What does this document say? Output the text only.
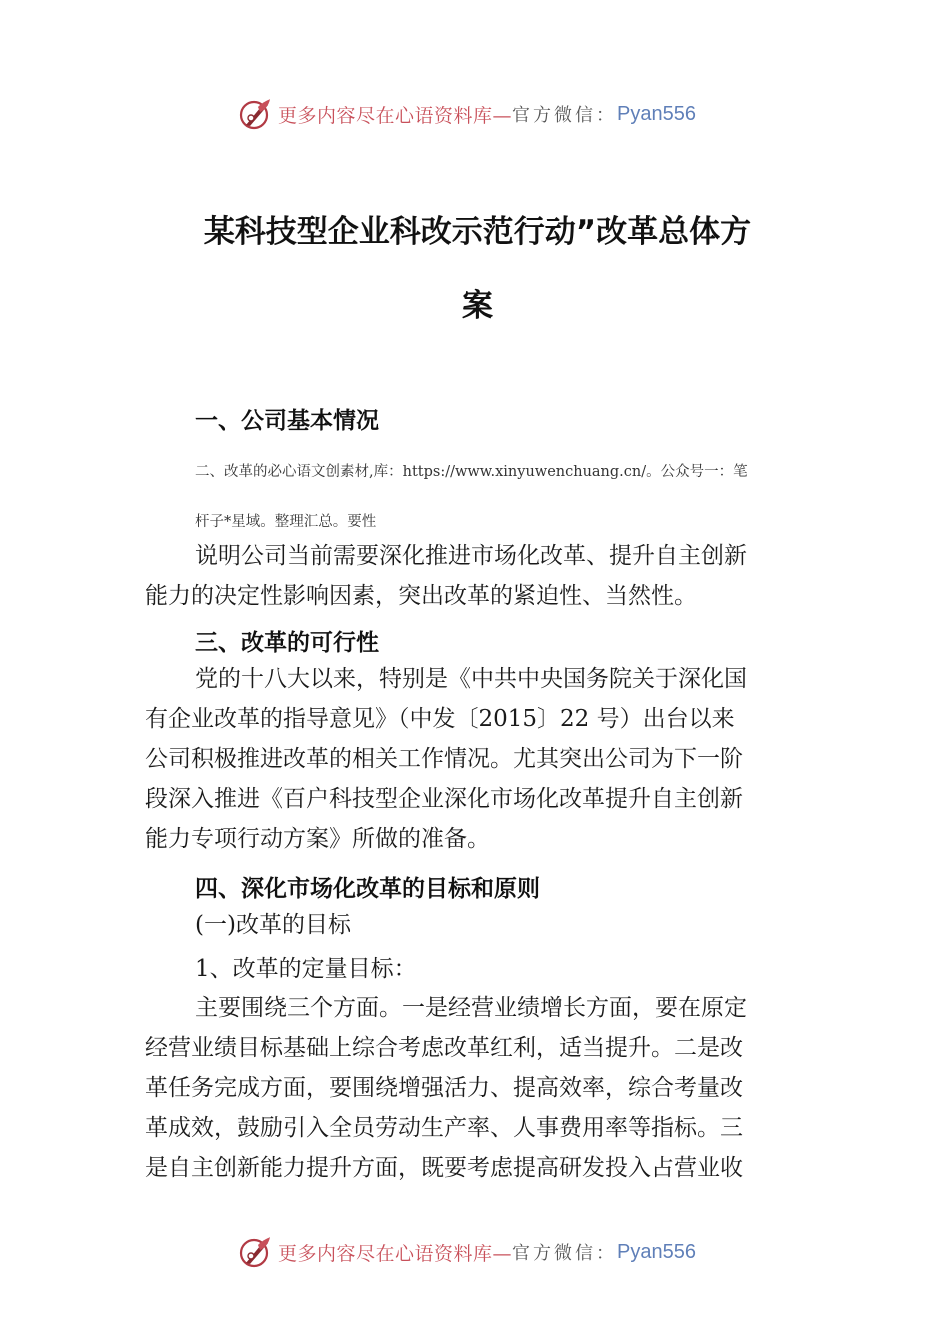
更多内容尽在心语资料库— 官方微信： Pyan556
某科技型企业科改示范行动”改革总体方
案
一、公司基本情况

二、改革的必心语文创素材,库：https://www.xinyuwenchuang.cn/。公众号一：笔

杆子*星域。整理汇总。要性

说明公司当前需要深化推进市场化改革、提升自主创新
能力的决定性影响因素，突出改革的紧迫性、当然性。
三、改革的可行性
党的十八大以来，特别是《中共中央国务院关于深化国
有企业改革的指导意见》（中发〔2015〕22 号）出台以来
公司积极推进改革的相关工作情况。尤其突出公司为下一阶
段深入推进《百户科技型企业深化市场化改革提升自主创新
能力专项行动方案》所做的准备。
四、深化市场化改革的目标和原则

(一)改革的目标

1、改革的定量目标：

主要围绕三个方面。一是经营业绩增长方面，要在原定
经营业绩目标基础上综合考虑改革红利，适当提升。二是改
革任务完成方面，要围绕增强活力、提高效率，综合考量改
革成效，鼓励引入全员劳动生产率、人事费用率等指标。三
是自主创新能力提升方面，既要考虑提高研发投入占营业收
更多内容尽在心语资料库— 官方微信： Pyan556
